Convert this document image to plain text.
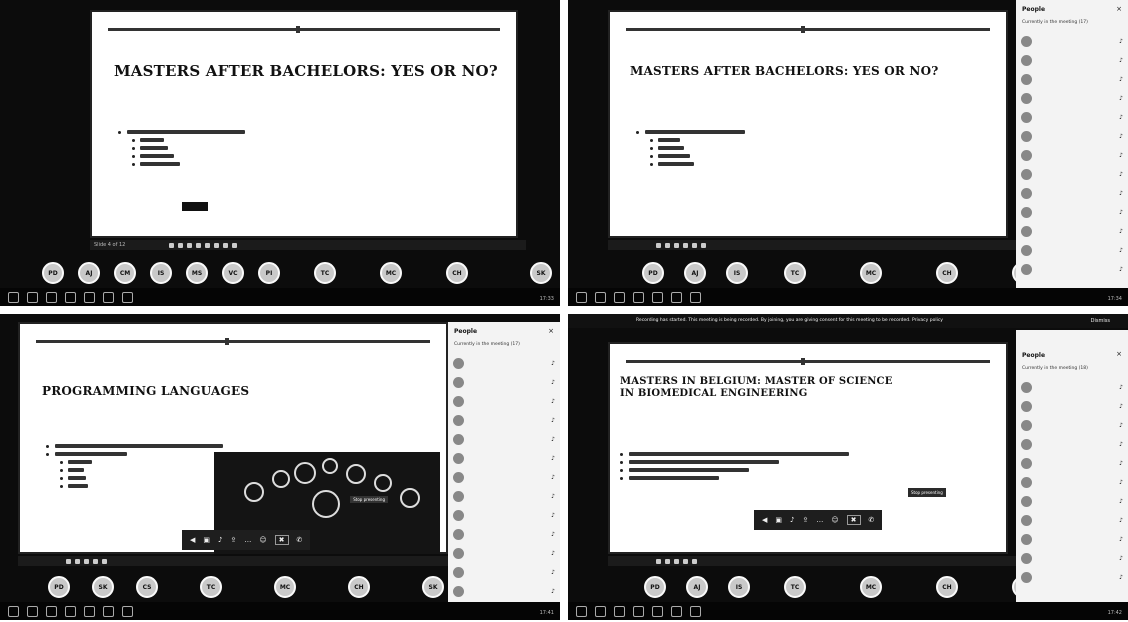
MASTERS AFTER BACHELORS: YES OR NO?
Slide 4 of 12
PD	AJ	CM	IS	MS	VC	PI	TC	MC	CH	SK
17:33
MASTERS AFTER BACHELORS: YES OR NO?
PD	AJ	IS	TC	MC	CH
People	×
Currently in the meeting (17)
♪
♪
♪
♪
♪
♪
♪
♪
♪
♪
♪
♪
♪
17:34
PROGRAMMING LANGUAGES
Stop presenting
◀ ▣ ♪ ⇪ … ☺	✖	✆
PD	SK	CS	TC	MC	CH	SK
People	×
Currently in the meeting (17)
♪
♪
♪
♪
♪
♪
♪
♪
♪
♪
♪
♪
♪
17:41
Recording has started. This meeting is being recorded. By joining, you are giving consent for this meeting to be recorded. Privacy policy	Dismiss
MASTERS IN BELGIUM: MASTER OF SCIENCE IN BIOMEDICAL ENGINEERING
Stop presenting
◀ ▣ ♪ ⇪ … ☺	✖	✆
PD	AJ	IS	TC	MC	CH
People	×
Currently in the meeting (18)
♪
♪
♪
♪
♪
♪
♪
♪
♪
♪
♪
17:42
